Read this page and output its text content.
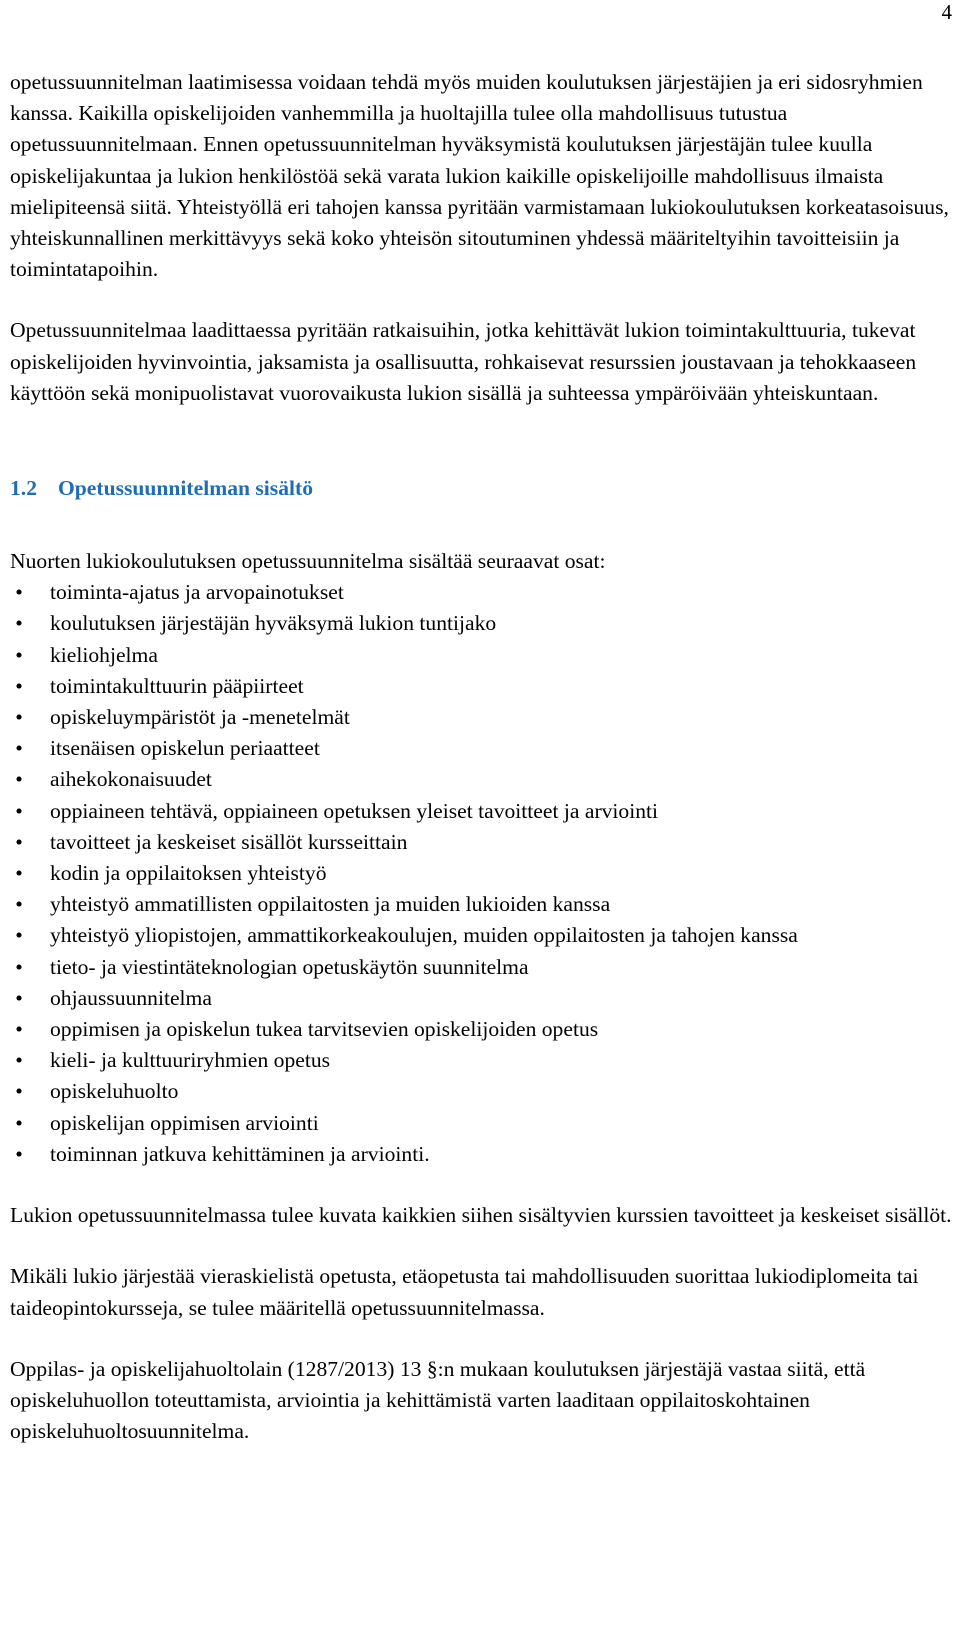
4

opetussuunnitelman laatimisessa voidaan tehdä myös muiden koulutuksen järjestäjien ja eri sidosryhmien kanssa. Kaikilla opiskelijoiden vanhemmilla ja huoltajilla tulee olla mahdollisuus tutustua opetussuunnitelmaan. Ennen opetussuunnitelman hyväksymistä koulutuksen järjestäjän tulee kuulla opiskelijakuntaa ja lukion henkilöstöä sekä varata lukion kaikille opiskelijoille mahdollisuus ilmaista mielipiteensä siitä. Yhteistyöllä eri tahojen kanssa pyritään varmistamaan lukiokoulutuksen korkeatasoisuus, yhteiskunnallinen merkittävyys sekä koko yhteisön sitoutuminen yhdessä määriteltyihin tavoitteisiin ja toimintatapoihin.

Opetussuunnitelmaa laadittaessa pyritään ratkaisuihin, jotka kehittävät lukion toimintakulttuuria, tukevat opiskelijoiden hyvinvointia, jaksamista ja osallisuutta, rohkaisevat resurssien joustavaan ja tehokkaaseen käyttöön sekä monipuolistavat vuorovaikusta lukion sisällä ja suhteessa ympäröivään yhteiskuntaan.

1.2 Opetussuunnitelman sisältö

Nuorten lukiokoulutuksen opetussuunnitelma sisältää seuraavat osat:

• toiminta-ajatus ja arvopainotukset
• koulutuksen järjestäjän hyväksymä lukion tuntijako
• kieliohjelma
• toimintakulttuurin pääpiirteet
• opiskeluympäristöt ja -menetelmät
• itsenäisen opiskelun periaatteet
• aihekokonaisuudet
• oppiaineen tehtävä, oppiaineen opetuksen yleiset tavoitteet ja arviointi
• tavoitteet ja keskeiset sisällöt kursseittain
• kodin ja oppilaitoksen yhteistyö
• yhteistyö ammatillisten oppilaitosten ja muiden lukioiden kanssa
• yhteistyö yliopistojen, ammattikorkeakoulujen, muiden oppilaitosten ja tahojen kanssa
• tieto- ja viestintäteknologian opetuskäytön suunnitelma
• ohjaussuunnitelma
• oppimisen ja opiskelun tukea tarvitsevien opiskelijoiden opetus
• kieli- ja kulttuuriryhmien opetus
• opiskeluhuolto
• opiskelijan oppimisen arviointi
• toiminnan jatkuva kehittäminen ja arviointi.

Lukion opetussuunnitelmassa tulee kuvata kaikkien siihen sisältyvien kurssien tavoitteet ja keskeiset sisällöt.

Mikäli lukio järjestää vieraskielistä opetusta, etäopetusta tai mahdollisuuden suorittaa lukiodiplomeita tai taideopintokursseja, se tulee määritellä opetussuunnitelmassa.

Oppilas- ja opiskelijahuoltolain (1287/2013) 13 §:n mukaan koulutuksen järjestäjä vastaa siitä, että opiskeluhuollon toteuttamista, arviointia ja kehittämistä varten laaditaan oppilaitoskohtainen opiskeluhuoltosuunnitelma.
